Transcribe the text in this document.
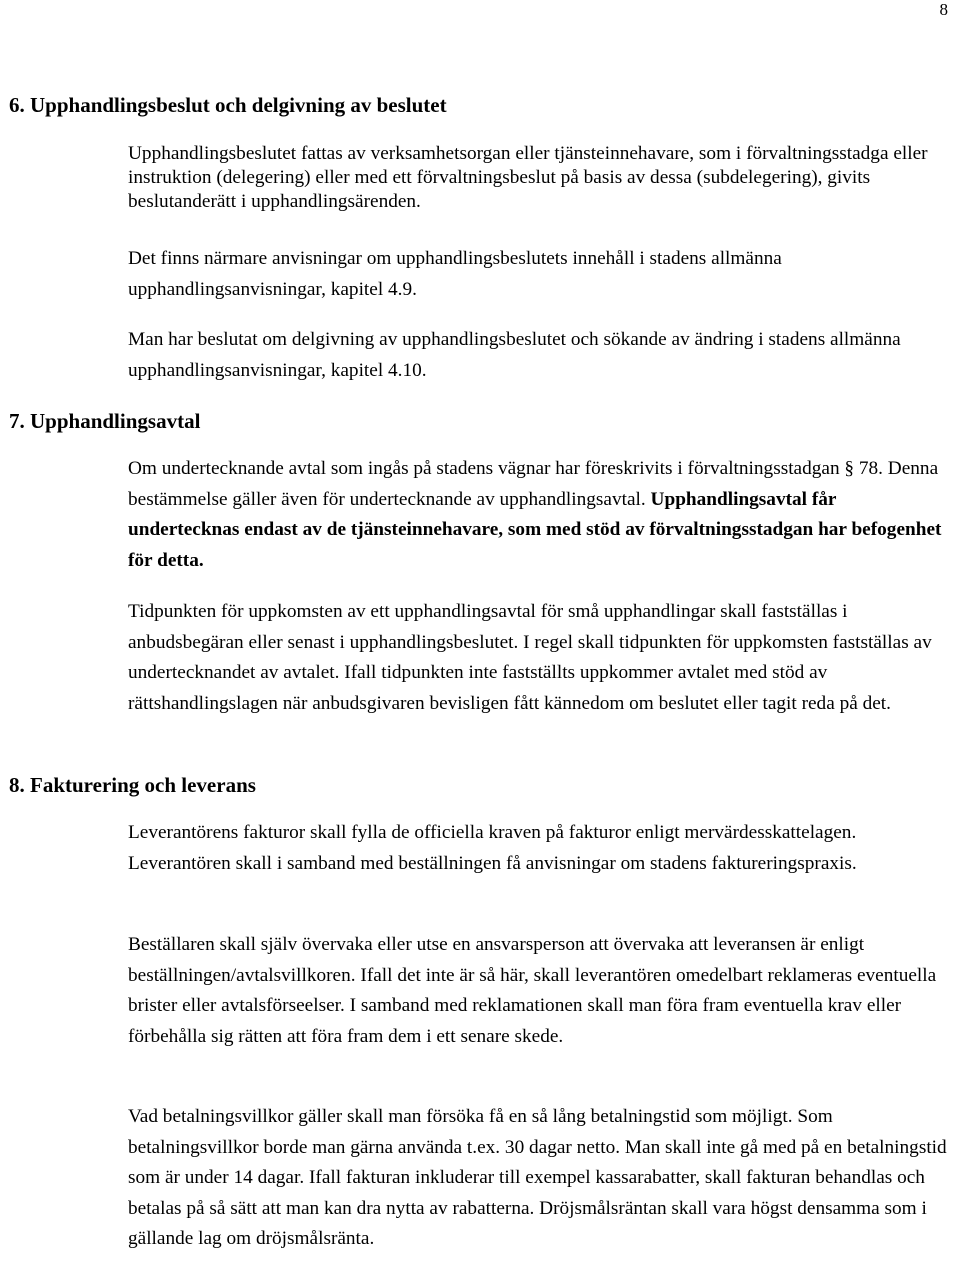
8
6. Upphandlingsbeslut och delgivning av beslutet

Upphandlingsbeslutet fattas av verksamhetsorgan eller tjänsteinnehavare, som i förvaltningsstadga eller instruktion (delegering) eller med ett förvaltningsbeslut på basis av dessa (subdelegering), givits beslutanderätt i upphandlingsärenden.

Det finns närmare anvisningar om upphandlingsbeslutets innehåll i stadens allmänna upphandlingsanvisningar, kapitel 4.9.

Man har beslutat om delgivning av upphandlingsbeslutet och sökande av ändring i stadens allmänna upphandlingsanvisningar, kapitel 4.10.

7. Upphandlingsavtal

Om undertecknande avtal som ingås på stadens vägnar har föreskrivits i förvaltningsstadgan § 78. Denna bestämmelse gäller även för undertecknande av upphandlingsavtal. Upphandlingsavtal får undertecknas endast av de tjänsteinnehavare, som med stöd av förvaltningsstadgan har befogenhet för detta.

Tidpunkten för uppkomsten av ett upphandlingsavtal för små upphandlingar skall fastställas i anbudsbegäran eller senast i upphandlingsbeslutet. I regel skall tidpunkten för uppkomsten fastställas av undertecknandet av avtalet. Ifall tidpunkten inte fastställts uppkommer avtalet med stöd av rättshandlingslagen när anbudsgivaren bevisligen fått kännedom om beslutet eller tagit reda på det.

8. Fakturering och leverans

Leverantörens fakturor skall fylla de officiella kraven på fakturor enligt mervärdesskattelagen. Leverantören skall i samband med beställningen få anvisningar om stadens faktureringspraxis.

Beställaren skall själv övervaka eller utse en ansvarsperson att övervaka att leveransen är enligt beställningen/avtalsvillkoren. Ifall det inte är så här, skall leverantören omedelbart reklameras eventuella brister eller avtalsförseelser. I samband med reklamationen skall man föra fram eventuella krav eller förbehålla sig rätten att föra fram dem i ett senare skede.

Vad betalningsvillkor gäller skall man försöka få en så lång betalningstid som möjligt. Som betalningsvillkor borde man gärna använda t.ex. 30 dagar netto. Man skall inte gå med på en betalningstid som är under 14 dagar. Ifall fakturan inkluderar till exempel kassarabatter, skall fakturan behandlas och betalas på så sätt att man kan dra nytta av rabatterna. Dröjsmålsräntan skall vara högst densamma som i gällande lag om dröjsmålsränta.
